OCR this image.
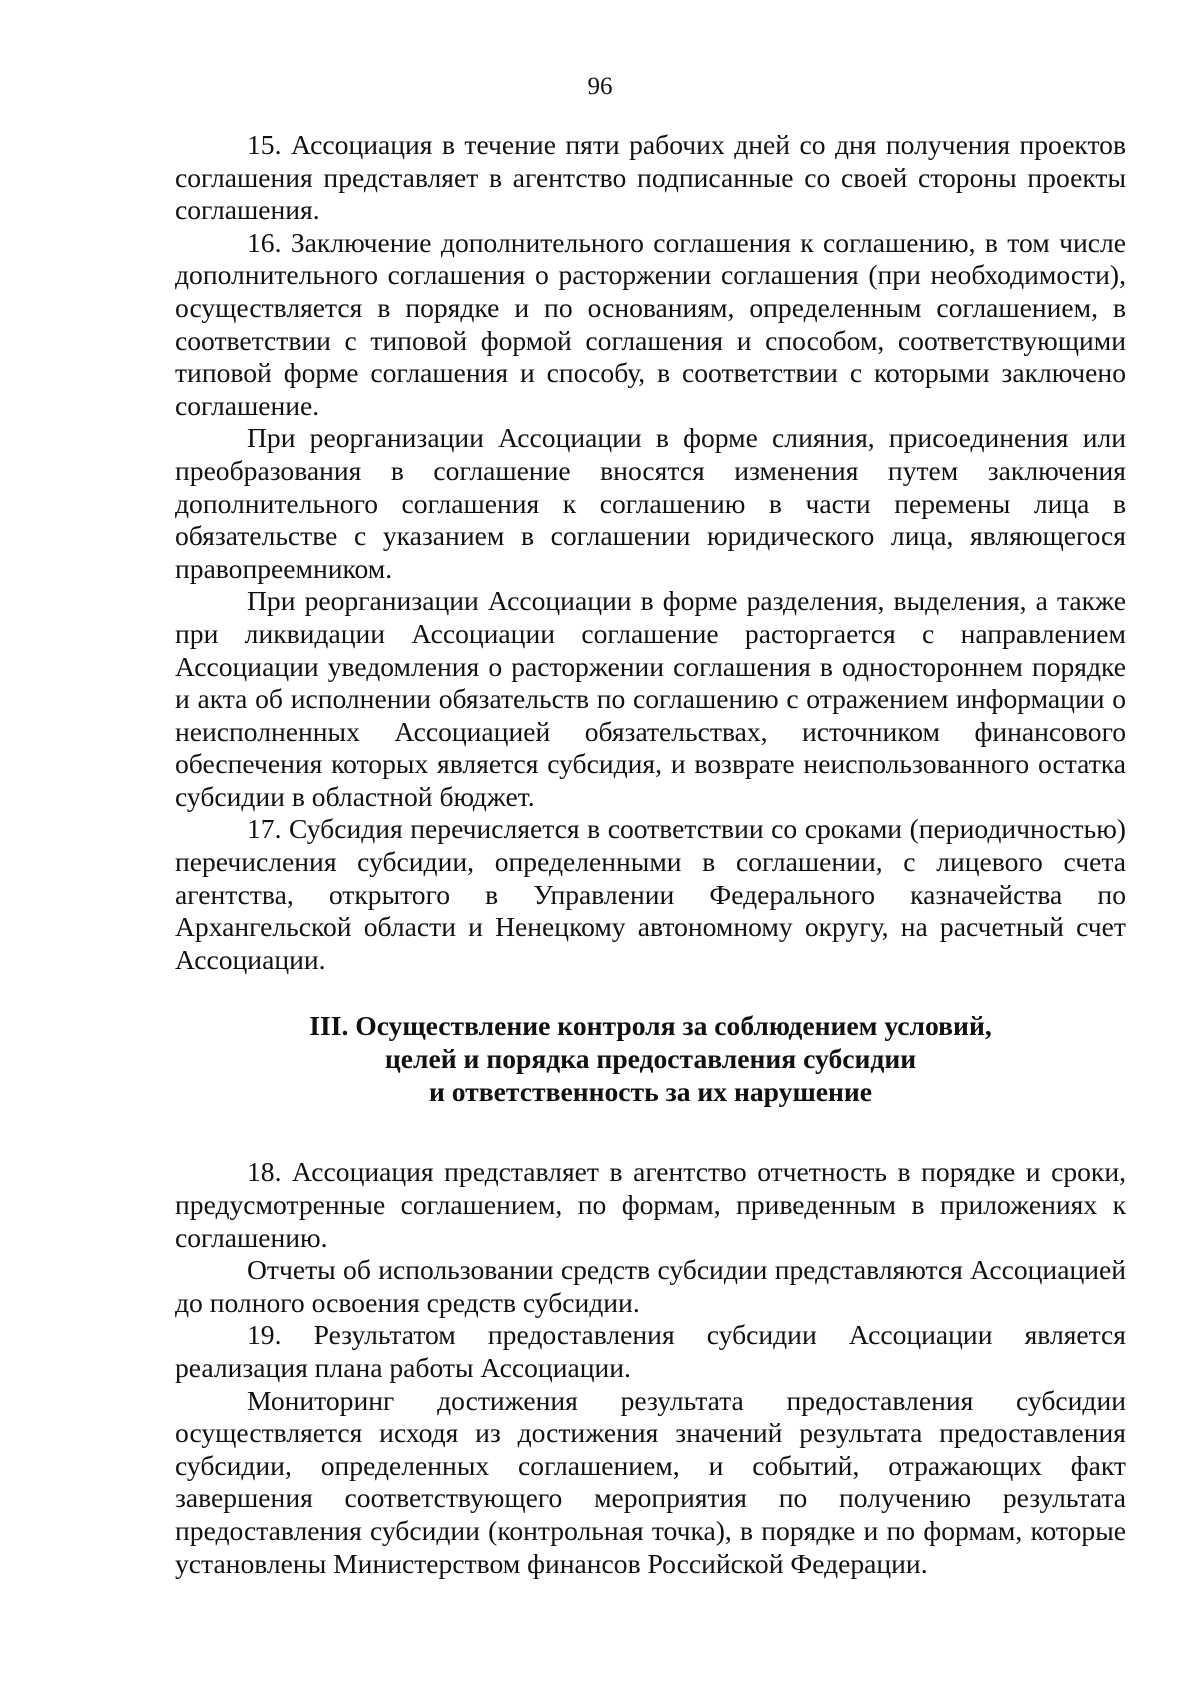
96

15. Ассоциация в течение пяти рабочих дней со дня получения проектов соглашения представляет в агентство подписанные со своей стороны проекты соглашения.

16. Заключение дополнительного соглашения к соглашению, в том числе дополнительного соглашения о расторжении соглашения (при необходимости), осуществляется в порядке и по основаниям, определенным соглашением, в соответствии с типовой формой соглашения и способом, соответствующими типовой форме соглашения и способу, в соответствии с которыми заключено соглашение.

При реорганизации Ассоциации в форме слияния, присоединения или преобразования в соглашение вносятся изменения путем заключения дополнительного соглашения к соглашению в части перемены лица в обязательстве с указанием в соглашении юридического лица, являющегося правопреемником.

При реорганизации Ассоциации в форме разделения, выделения, а также при ликвидации Ассоциации соглашение расторгается с направлением Ассоциации уведомления о расторжении соглашения в одностороннем порядке и акта об исполнении обязательств по соглашению с отражением информации о неисполненных Ассоциацией обязательствах, источником финансового обеспечения которых является субсидия, и возврате неиспользованного остатка субсидии в областной бюджет.

17. Субсидия перечисляется в соответствии со сроками (периодичностью) перечисления субсидии, определенными в соглашении, с лицевого счета агентства, открытого в Управлении Федерального казначейства по Архангельской области и Ненецкому автономному округу, на расчетный счет Ассоциации.

III. Осуществление контроля за соблюдением условий,
целей и порядка предоставления субсидии
и ответственность за их нарушение

18. Ассоциация представляет в агентство отчетность в порядке и сроки, предусмотренные соглашением, по формам, приведенным в приложениях к соглашению.

Отчеты об использовании средств субсидии представляются Ассоциацией до полного освоения средств субсидии.

19. Результатом предоставления субсидии Ассоциации является реализация плана работы Ассоциации.

Мониторинг достижения результата предоставления субсидии осуществляется исходя из достижения значений результата предоставления субсидии, определенных соглашением, и событий, отражающих факт завершения соответствующего мероприятия по получению результата предоставления субсидии (контрольная точка), в порядке и по формам, которые установлены Министерством финансов Российской Федерации.
